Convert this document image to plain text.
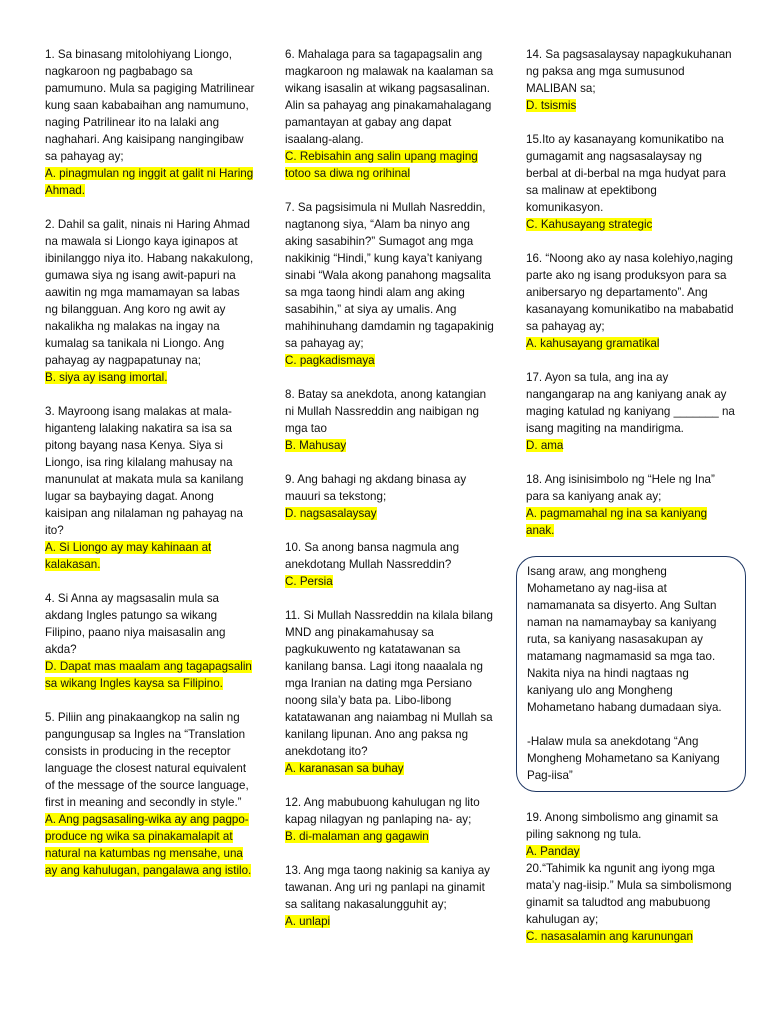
1. Sa binasang mitolohiyang Liongo, nagkaroon ng pagbabago sa pamumuno. Mula sa pagiging Matrilinear kung saan kababaihan ang namumuno, naging Patrilinear ito na lalaki ang naghahari. Ang kaisipang nangingibaw sa pahayag ay;
A. pinagmulan ng inggit at galit ni Haring Ahmad.
2. Dahil sa galit, ninais ni Haring Ahmad na mawala si Liongo kaya iginapos at ibinilanggo niya ito. Habang nakakulong, gumawa siya ng isang awit-papuri na aawitin ng mga mamamayan sa labas ng bilangguan. Ang koro ng awit ay nakalikha ng malakas na ingay na kumalag sa tanikala ni Liongo. Ang pahayag ay nagpapatunay na;
B. siya ay isang imortal.
3. Mayroong isang malakas at mala-higanteng lalaking nakatira sa isa sa pitong bayang nasa Kenya. Siya si Liongo, isa ring kilalang mahusay na manunulat at makata mula sa kanilang lugar sa baybaying dagat. Anong kaisipan ang nilalaman ng pahayag na ito?
A. Si Liongo ay may kahinaan at kalakasan.
4. Si Anna ay magsasalin mula sa akdang Ingles patungo sa wikang Filipino, paano niya maisasalin ang akda?
D. Dapat mas maalam ang tagapagsalin sa wikang Ingles kaysa sa Filipino.
5. Piliin ang pinakaangkop na salin ng pangungusap sa Ingles na “Translation consists in producing in the receptor language the closest natural equivalent of the message of the source language, first in meaning and secondly in style.”
A. Ang pagsasaling-wika ay ang pagpo-produce ng wika sa pinakamalapit at natural na katumbas ng mensahe, una ay ang kahulugan, pangalawa ang istilo.
6. Mahalaga para sa tagapagsalin ang magkaroon ng malawak na kaalaman sa wikang isasalin at wikang pagsasalinan. Alin sa pahayag ang pinakamahalagang pamantayan at gabay ang dapat isaalang-alang.
C. Rebisahin ang salin upang maging totoo sa diwa ng orihinal
7. Sa pagsisimula ni Mullah Nasreddin, nagtanong siya, “Alam ba ninyo ang aking sasabihin?” Sumagot ang mga nakikinig “Hindi,” kung kaya’t kaniyang sinabi “Wala akong panahong magsalita sa mga taong hindi alam ang aking sasabihin,” at siya ay umalis. Ang mahihinuhang damdamin ng tagapakinig sa pahayag ay;
C. pagkadismaya
8. Batay sa anekdota, anong katangian ni Mullah Nassreddin ang naibigan ng mga tao
B. Mahusay
9. Ang bahagi ng akdang binasa ay mauuri sa tekstong;
D. nagsasalaysay
10. Sa anong bansa nagmula ang anekdotang Mullah Nassreddin?
C. Persia
11. Si Mullah Nassreddin na kilala bilang MND ang pinakamahusay sa pagkukuwento ng katatawanan sa kanilang bansa. Lagi itong naaalala ng mga Iranian na dating mga Persiano noong sila’y bata pa. Libo-libong katatawanan ang naiambag ni Mullah sa kanilang lipunan. Ano ang paksa ng anekdotang ito?
A. karanasan sa buhay
12. Ang mabubuong kahulugan ng lito kapag nilagyan ng panlaping na- ay;
B. di-malaman ang gagawin
13. Ang mga taong nakinig sa kaniya ay tawanan. Ang uri ng panlapi na ginamit sa salitang nakasalungguhit ay;
A. unlapi
14. Sa pagsasalaysay napagkukuhanan ng paksa ang mga sumusunod MALIBAN sa;
D. tsismis
15.Ito ay kasanayang komunikatibo na gumagamit ang nagsasalaysay ng berbal at di-berbal na mga hudyat para sa malinaw at epektibong komunikasyon.
C. Kahusayang strategic
16. “Noong ako ay nasa kolehiyo,naging parte ako ng isang produksyon para sa anibersaryo ng departamento”. Ang kasanayang komunikatibo na mababatid sa pahayag ay;
A. kahusayang gramatikal
17. Ayon sa tula, ang ina ay nangangarap na ang kaniyang anak ay maging katulad ng kaniyang _______ na isang magiting na mandirigma.
D. ama
18. Ang isinisimbolo ng “Hele ng Ina” para sa kaniyang anak ay;
A. pagmamahal ng ina sa kaniyang anak.

Isang araw, ang mongheng Mohametano ay nag-iisa at namamanata sa disyerto. Ang Sultan naman na namamaybay sa kaniyang ruta, sa kaniyang nasasakupan ay matamang nagmamasid sa mga tao. Nakita niya na hindi nagtaas ng kaniyang ulo ang Mongheng Mohametano habang dumadaan siya.

-Halaw mula sa anekdotang “Ang Mongheng Mohametano sa Kaniyang Pag-iisa”

19. Anong simbolismo ang ginamit sa piling saknong ng tula.
A. Panday
20.“Tahimik ka ngunit ang iyong mga mata’y nag-iisip.” Mula sa simbolismong ginamit sa taludtod ang mabubuong kahulugan ay;
C. nasasalamin ang karunungan
